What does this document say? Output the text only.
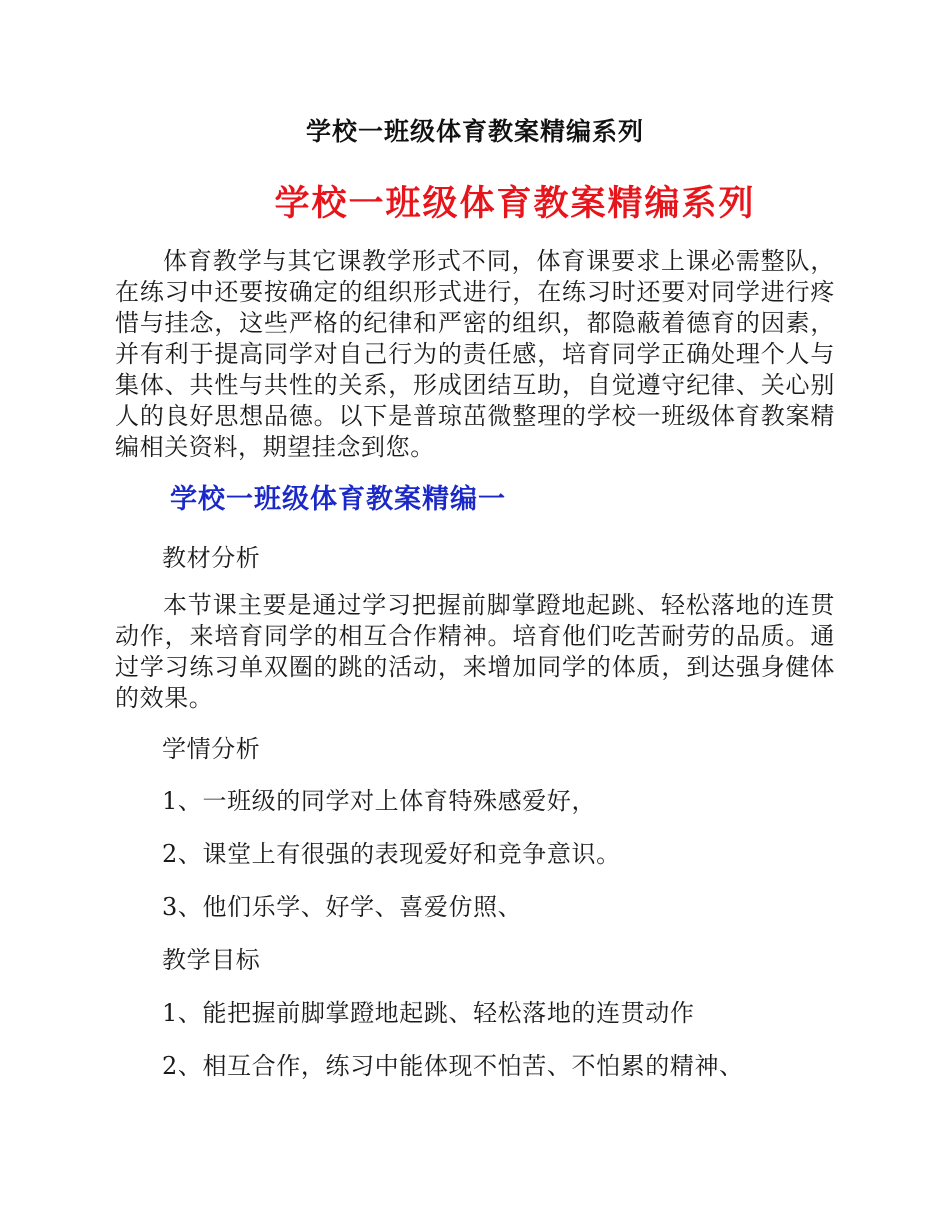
学校一班级体育教案精编系列
学校一班级体育教案精编系列

体育教学与其它课教学形式不同，体育课要求上课必需整队，在练习中还要按确定的组织形式进行，在练习时还要对同学进行疼惜与挂念，这些严格的纪律和严密的组织，都隐蔽着德育的因素，并有利于提高同学对自己行为的责任感，培育同学正确处理个人与集体、共性与共性的关系，形成团结互助，自觉遵守纪律、关心别人的良好思想品德。以下是普琼茁微整理的学校一班级体育教案精编相关资料，期望挂念到您。

学校一班级体育教案精编一

教材分析

本节课主要是通过学习把握前脚掌蹬地起跳、轻松落地的连贯动作，来培育同学的相互合作精神。培育他们吃苦耐劳的品质。通过学习练习单双圈的跳的活动，来增加同学的体质，到达强身健体的效果。

学情分析

1、一班级的同学对上体育特殊感爱好，

2、课堂上有很强的表现爱好和竞争意识。

3、他们乐学、好学、喜爱仿照、

教学目标

1、能把握前脚掌蹬地起跳、轻松落地的连贯动作

2、相互合作，练习中能体现不怕苦、不怕累的精神、
